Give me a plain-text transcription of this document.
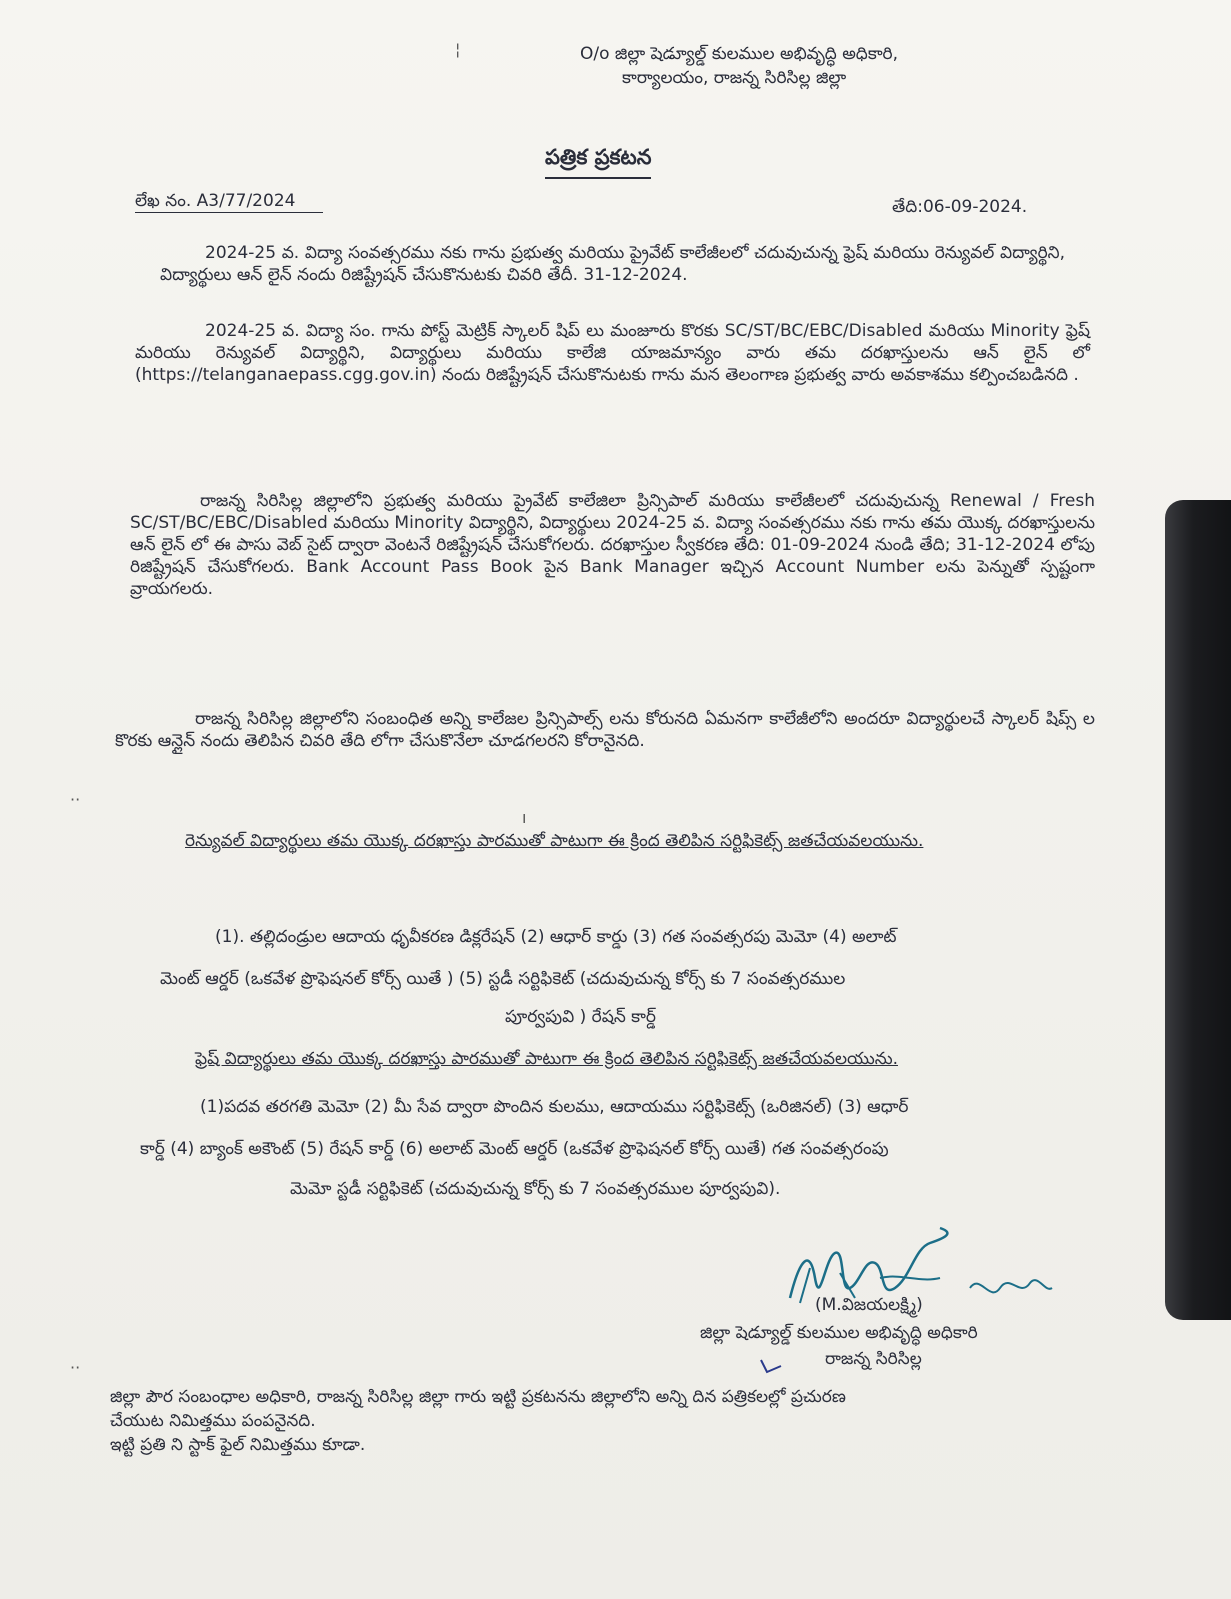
¦	O/o జిల్లా షెడ్యూల్డ్ కులముల అభివృద్ధి అధికారి,
కార్యాలయం, రాజన్న సిరిసిల్ల జిల్లా
పత్రిక ప్రకటన
లేఖ నం. A3/77/2024	తేది:06-09-2024.
2024-25 వ. విద్యా సంవత్సరము నకు గాను ప్రభుత్వ మరియు ప్రైవేట్ కాలేజీలలో చదువుచున్న ఫ్రెష్ మరియు రెన్యువల్ విద్యార్థిని, విద్యార్థులు ఆన్ లైన్ నందు రిజిష్ట్రేషన్ చేసుకొనుటకు చివరి తేదీ. 31-12-2024.
2024-25 వ. విద్యా సం. గాను పోస్ట్ మెట్రిక్ స్కాలర్ షిప్ లు మంజూరు కొరకు SC/ST/BC/EBC/Disabled మరియు Minority ఫ్రెష్ మరియు రెన్యువల్ విద్యార్థిని, విద్యార్థులు మరియు కాలేజి యాజమాన్యం వారు తమ దరఖాస్తులను ఆన్ లైన్ లో (https://telanganaepass.cgg.gov.in) నందు రిజిష్ట్రేషన్ చేసుకొనుటకు గాను మన తెలంగాణ ప్రభుత్వ వారు అవకాశము కల్పించబడినది .
రాజన్న సిరిసిల్ల జిల్లాలోని ప్రభుత్వ మరియు ప్రైవేట్ కాలేజిలా ప్రిన్సిపాల్ మరియు కాలేజీలలో చదువుచున్న Renewal / Fresh SC/ST/BC/EBC/Disabled మరియు Minority విద్యార్థిని, విద్యార్థులు 2024-25 వ. విద్యా సంవత్సరము నకు గాను తమ యొక్క దరఖాస్తులను ఆన్ లైన్ లో ఈ పాసు వెబ్ సైట్ ద్వారా వెంటనే రిజిష్ట్రేషన్ చేసుకోగలరు. దరఖాస్తుల స్వీకరణ తేది: 01-09-2024 నుండి తేది; 31-12-2024 లోపు రిజిష్ట్రేషన్ చేసుకోగలరు. Bank Account Pass Book పైన Bank Manager ఇచ్చిన Account Number లను పెన్నుతో స్పష్టంగా వ్రాయగలరు.
రాజన్న సిరిసిల్ల జిల్లాలోని సంబంధిత అన్ని కాలేజల ప్రిన్సిపాల్స్ లను కోరునది ఏమనగా కాలేజీలోని అందరూ విద్యార్థులచే స్కాలర్ షిప్స్ ల కొరకు ఆన్లైన్ నందు తెలిపిన చివరి తేది లోగా చేసుకొనేలా చూడగలరని కోరానైనది.
··
ı
రెన్యువల్ విద్యార్థులు తమ యొక్క దరఖాస్తు పారముతో పాటుగా ఈ క్రింద తెలిపిన సర్టిఫికెట్స్ జతచేయవలయును.
(1). తల్లిదండ్రుల ఆదాయ ధృవీకరణ డిక్లరేషన్ (2) ఆధార్ కార్డు (3) గత సంవత్సరపు మెమో (4) అలాట్
మెంట్ ఆర్డర్ (ఒకవేళ ప్రొఫెషనల్ కోర్స్ యితే ) (5) స్టడీ సర్టిఫికెట్ (చదువుచున్న కోర్స్ కు 7 సంవత్సరముల
పూర్వపువి ) రేషన్ కార్డ్
ఫ్రెష్ విద్యార్థులు తమ యొక్క దరఖాస్తు పారముతో పాటుగా ఈ క్రింద తెలిపిన సర్టిఫికెట్స్ జతచేయవలయును.
(1)పదవ తరగతి మెమో (2) మీ సేవ ద్వారా పొందిన కులము, ఆదాయము సర్టిఫికెట్స్ (ఒరిజినల్) (3) ఆధార్
కార్డ్ (4) బ్యాంక్ అకౌంట్ (5) రేషన్ కార్డ్ (6) అలాట్ మెంట్ ఆర్డర్ (ఒకవేళ ప్రొఫెషనల్ కోర్స్ యితే) గత సంవత్సరంపు
మెమో స్టడీ సర్టిఫికెట్ (చదువుచున్న కోర్స్ కు 7 సంవత్సరముల పూర్వపువి).
(M.విజయలక్ష్మి)
జిల్లా షెడ్యూల్డ్ కులముల అభివృద్ధి అధికారి
రాజన్న సిరిసిల్ల
··
జిల్లా పౌర సంబంధాల అధికారి, రాజన్న సిరిసిల్ల జిల్లా గారు ఇట్టి ప్రకటనను జిల్లాలోని అన్ని దిన పత్రికలల్లో ప్రచురణ
చేయుట నిమిత్తము పంపనైనది.
ఇట్టి ప్రతి ని స్టాక్ ఫైల్ నిమిత్తము కూడా.
